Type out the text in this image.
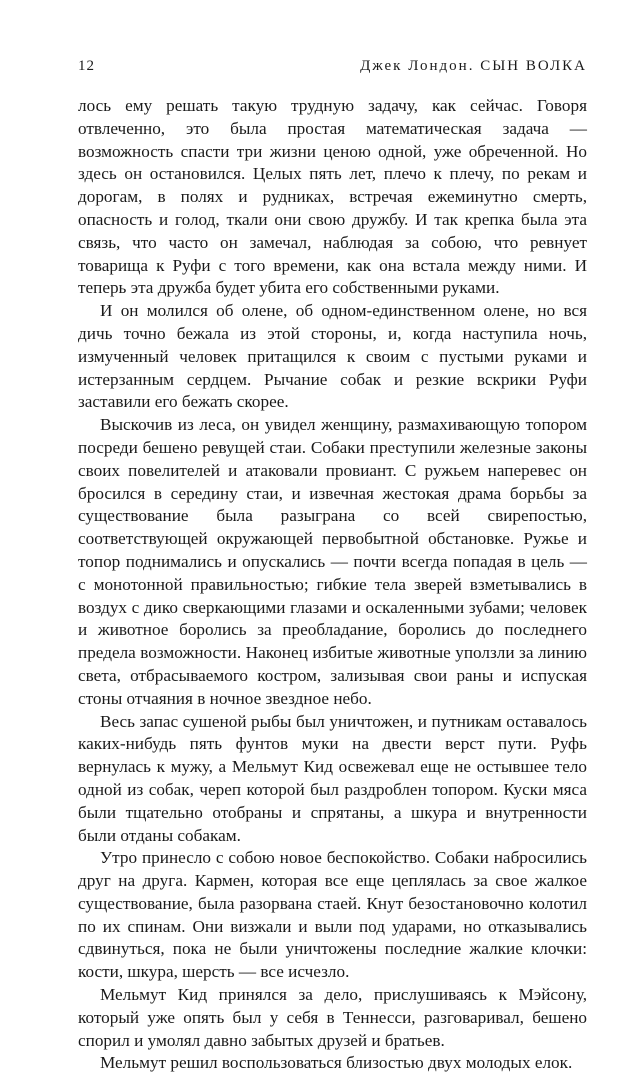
12	Джек Лондон. СЫН ВОЛКА

лось ему решать такую трудную задачу, как сейчас. Говоря отвлеченно, это была простая математическая задача — возможность спасти три жизни ценою одной, уже обреченной. Но здесь он остановился. Целых пять лет, плечо к плечу, по рекам и дорогам, в полях и рудниках, встречая ежеминутно смерть, опасность и голод, ткали они свою дружбу. И так крепка была эта связь, что часто он замечал, наблюдая за собою, что ревнует товарища к Руфи с того времени, как она встала между ними. И теперь эта дружба будет убита его собственными руками.

И он молился об олене, об одном-единственном олене, но вся дичь точно бежала из этой стороны, и, когда наступила ночь, измученный человек притащился к своим с пустыми руками и истерзанным сердцем. Рычание собак и резкие вскрики Руфи заставили его бежать скорее.

Выскочив из леса, он увидел женщину, размахивающую топором посреди бешено ревущей стаи. Собаки преступили железные законы своих повелителей и атаковали провиант. С ружьем наперевес он бросился в середину стаи, и извечная жестокая драма борьбы за существование была разыграна со всей свирепостью, соответствующей окружающей первобытной обстановке. Ружье и топор поднимались и опускались — почти всегда попадая в цель — с монотонной правильностью; гибкие тела зверей взметывались в воздух с дико сверкающими глазами и оскаленными зубами; человек и животное боролись за преобладание, боролись до последнего предела возможности. Наконец избитые животные уползли за линию света, отбрасываемого костром, зализывая свои раны и испуская стоны отчаяния в ночное звездное небо.

Весь запас сушеной рыбы был уничтожен, и путникам оставалось каких-нибудь пять фунтов муки на двести верст пути. Руфь вернулась к мужу, а Мельмут Кид освежевал еще не остывшее тело одной из собак, череп которой был раздроблен топором. Куски мяса были тщательно отобраны и спрятаны, а шкура и внутренности были отданы собакам.

Утро принесло с собою новое беспокойство. Собаки набросились друг на друга. Кармен, которая все еще цеплялась за свое жалкое существование, была разорвана стаей. Кнут безостановочно колотил по их спинам. Они визжали и выли под ударами, но отказывались сдвинуться, пока не были уничтожены последние жалкие клочки: кости, шкура, шерсть — все исчезло.

Мельмут Кид принялся за дело, прислушиваясь к Мэйсону, который уже опять был у себя в Теннесси, разговаривал, бешено спорил и умолял давно забытых друзей и братьев.

Мельмут решил воспользоваться близостью двух молодых елок.
